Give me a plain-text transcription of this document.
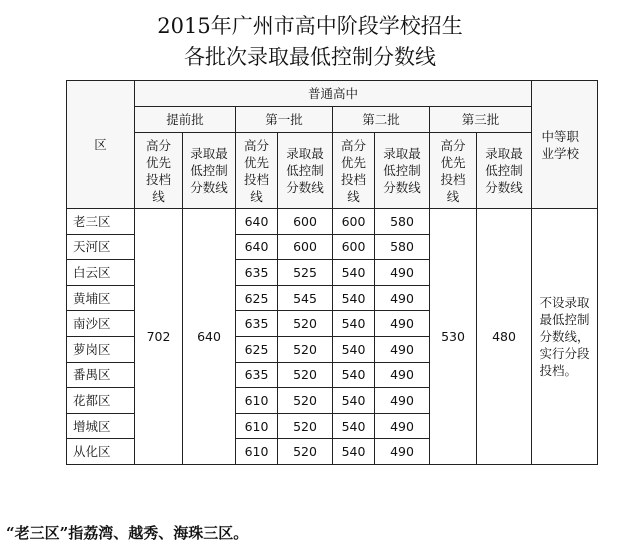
2015年广州市高中阶段学校招生
各批次录取最低控制分数线
区	普通高中								中等职业学校
	提前批		第一批		第二批		第三批		
	高分优先投档线	录取最低控制分数线	高分优先投档线	录取最低控制分数线	高分优先投档线	录取最低控制分数线	高分优先投档线	录取最低控制分数线	
老三区	702	640	640	600	600	580	530	480	不设录取最低控制分数线，实行分段投档。
天河区			640	600	600	580			
白云区			635	525	540	490			
黄埔区			625	545	540	490			
南沙区			635	520	540	490			
萝岗区			625	520	540	490			
番禺区			635	520	540	490			
花都区			610	520	540	490			
增城区			610	520	540	490			
从化区			610	520	540	490			
“老三区”指荔湾、越秀、海珠三区。
